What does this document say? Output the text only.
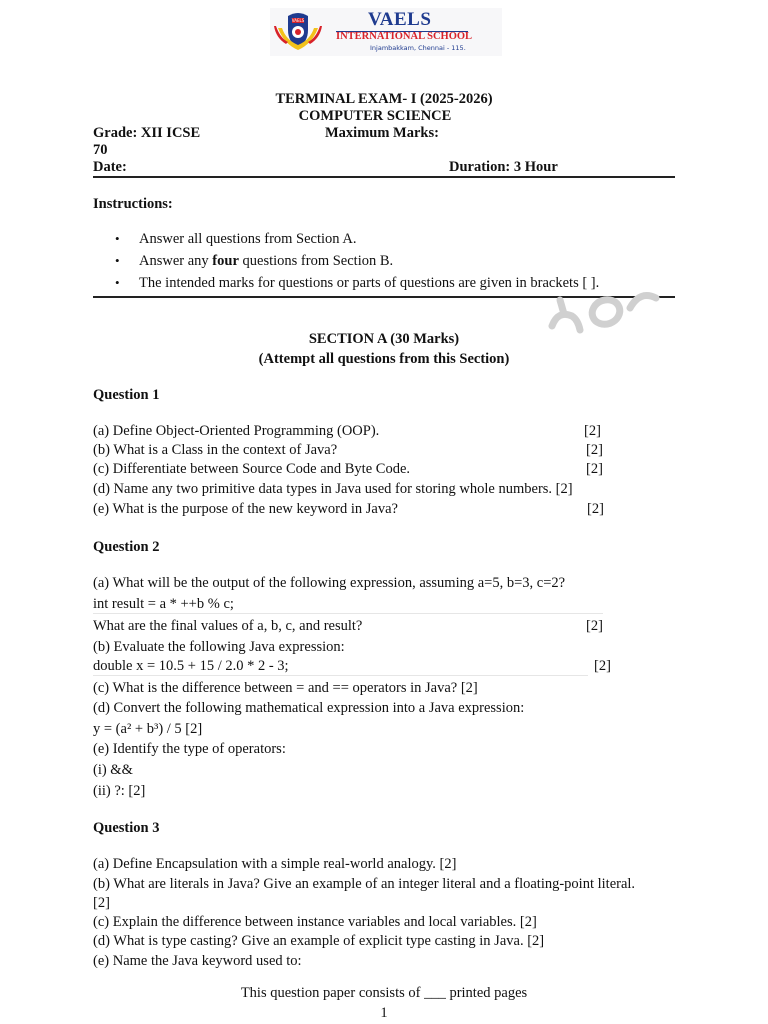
VAELS	VAELS
INTERNATIONAL SCHOOL
Injambakkam, Chennai - 115.
TERMINAL EXAM- I (2025-2026)
COMPUTER SCIENCE
Grade: XII ICSE	Maximum Marks:
70
Date:	Duration: 3 Hour
Instructions:
• Answer all questions from Section A.
• Answer any four questions from Section B.
• The intended marks for questions or parts of questions are given in brackets [ ].
SECTION A (30 Marks)
(Attempt all questions from this Section)
Question 1
(a) Define Object-Oriented Programming (OOP).	[2]
(b) What is a Class in the context of Java?	[2]
(c) Differentiate between Source Code and Byte Code.	[2]
(d) Name any two primitive data types in Java used for storing whole numbers. [2]
(e) What is the purpose of the new keyword in Java?	[2]
Question 2
(a) What will be the output of the following expression, assuming a=5, b=3, c=2?
int result = a * ++b % c;
What are the final values of a, b, c, and result?	[2]
(b) Evaluate the following Java expression:
double x = 10.5 + 15 / 2.0 * 2 - 3;	[2]
(c) What is the difference between = and == operators in Java? [2]
(d) Convert the following mathematical expression into a Java expression:
y = (a² + b³) / 5 [2]
(e) Identify the type of operators:
(i) &&
(ii) ?: [2]
Question 3
(a) Define Encapsulation with a simple real-world analogy. [2]
(b) What are literals in Java? Give an example of an integer literal and a floating-point literal.
[2]
(c) Explain the difference between instance variables and local variables. [2]
(d) What is type casting? Give an example of explicit type casting in Java. [2]
(e) Name the Java keyword used to:
This question paper consists of ___ printed pages
1
